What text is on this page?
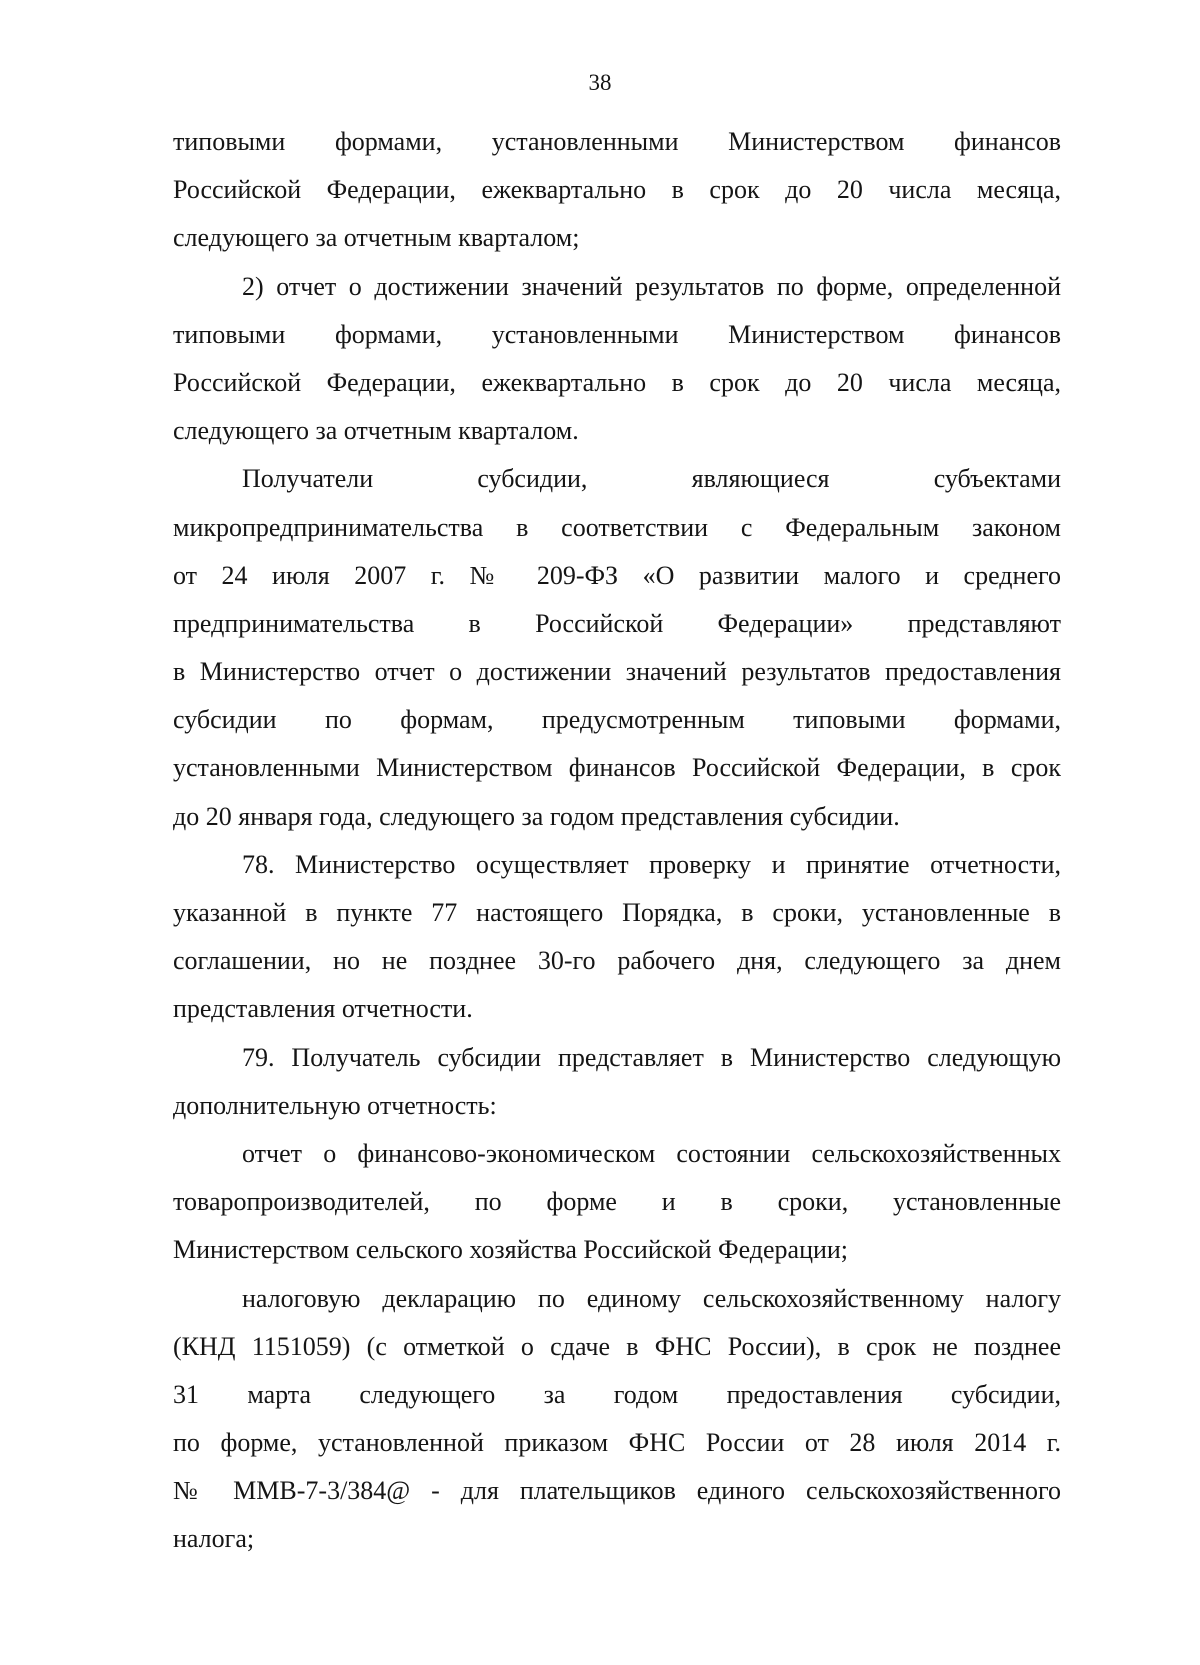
38
типовыми формами, установленными Министерством финансов
Российской Федерации, ежеквартально в срок до 20 числа месяца,
следующего за отчетным кварталом;
2) отчет о достижении значений результатов по форме, определенной
типовыми формами, установленными Министерством финансов
Российской Федерации, ежеквартально в срок до 20 числа месяца,
следующего за отчетным кварталом.
Получатели субсидии, являющиеся субъектами
микропредпринимательства в соответствии с Федеральным законом
от 24 июля 2007 г. № 209-ФЗ «О развитии малого и среднего
предпринимательства в Российской Федерации» представляют
в Министерство отчет о достижении значений результатов предоставления
субсидии по формам, предусмотренным типовыми формами,
установленными Министерством финансов Российской Федерации, в срок
до 20 января года, следующего за годом представления субсидии.
78. Министерство осуществляет проверку и принятие отчетности,
указанной в пункте 77 настоящего Порядка, в сроки, установленные в
соглашении, но не позднее 30-го рабочего дня, следующего за днем
представления отчетности.
79. Получатель субсидии представляет в Министерство следующую
дополнительную отчетность:
отчет о финансово-экономическом состоянии сельскохозяйственных
товаропроизводителей, по форме и в сроки, установленные
Министерством сельского хозяйства Российской Федерации;
налоговую декларацию по единому сельскохозяйственному налогу
(КНД 1151059) (с отметкой о сдаче в ФНС России), в срок не позднее
31 марта следующего за годом предоставления субсидии,
по форме, установленной приказом ФНС России от 28 июля 2014 г.
№ ММВ-7-3/384@ - для плательщиков единого сельскохозяйственного
налога;
